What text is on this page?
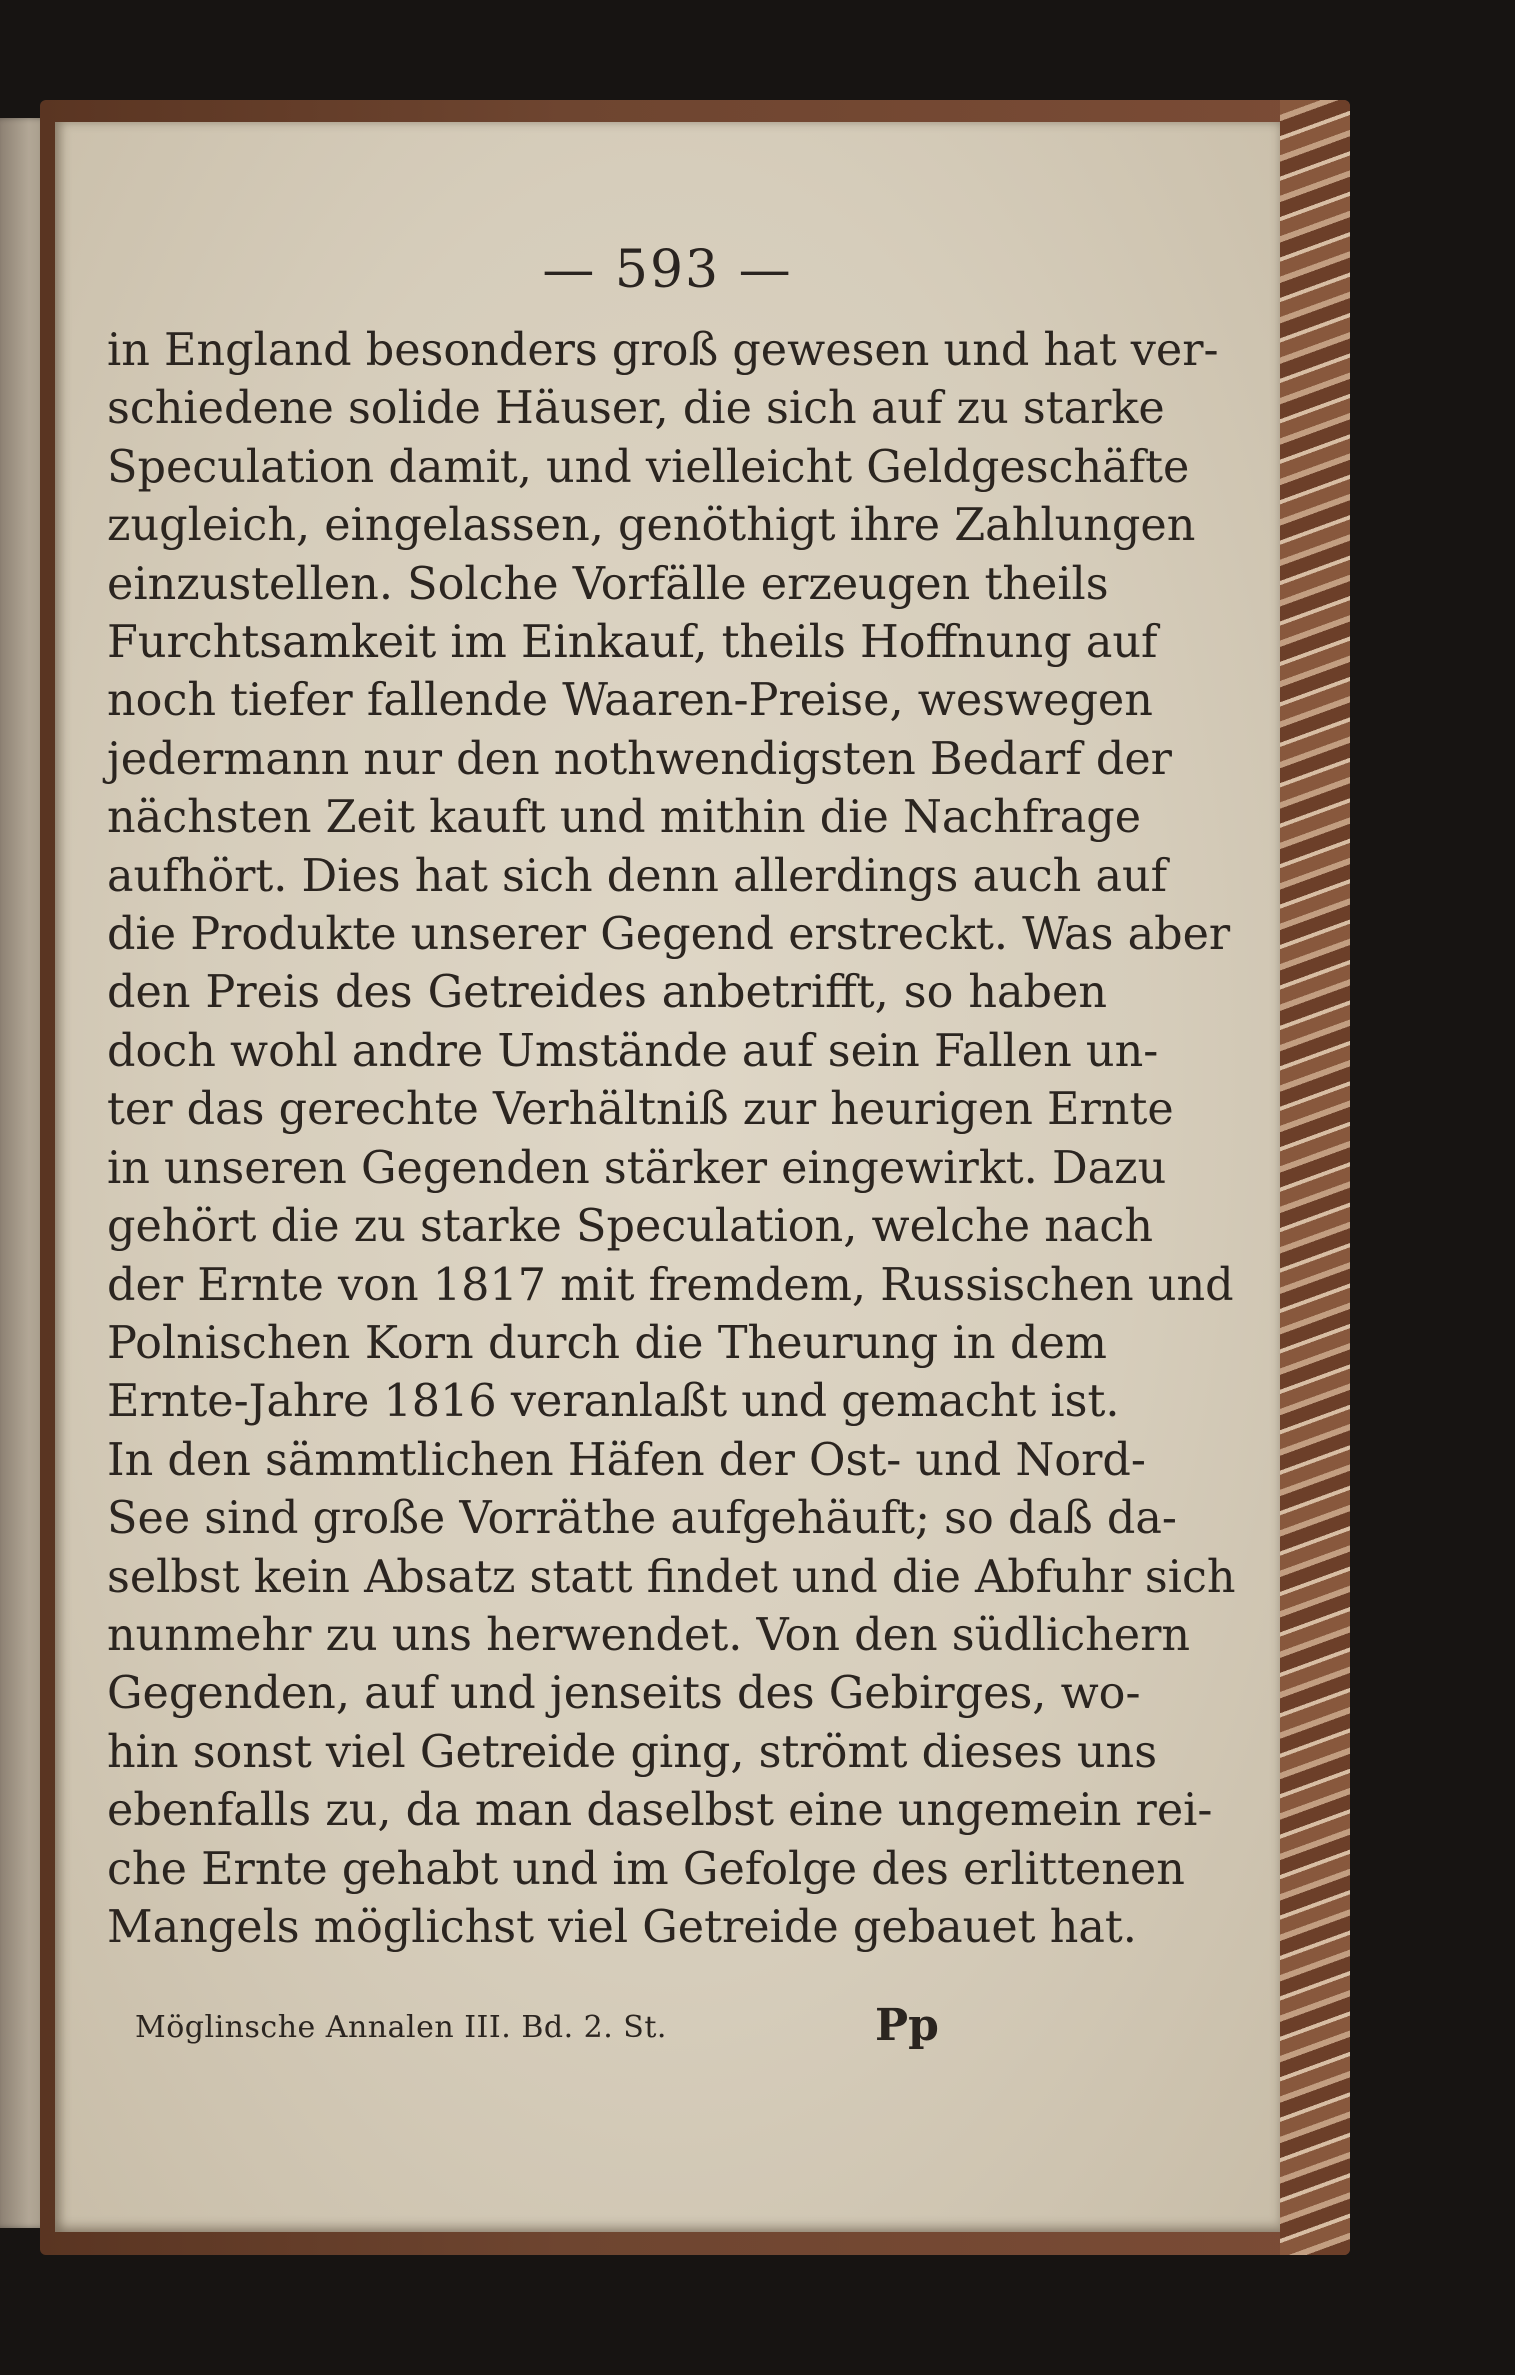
— 593 —
in England besonders groß gewesen und hat ver-
schiedene solide Häuser, die sich auf zu starke
Speculation damit, und vielleicht Geldgeschäfte
zugleich, eingelassen, genöthigt ihre Zahlungen
einzustellen. Solche Vorfälle erzeugen theils
Furchtsamkeit im Einkauf, theils Hoffnung auf
noch tiefer fallende Waaren-Preise, weswegen
jedermann nur den nothwendigsten Bedarf der
nächsten Zeit kauft und mithin die Nachfrage
aufhört. Dies hat sich denn allerdings auch auf
die Produkte unserer Gegend erstreckt. Was aber
den Preis des Getreides anbetrifft, so haben
doch wohl andre Umstände auf sein Fallen un-
ter das gerechte Verhältniß zur heurigen Ernte
in unseren Gegenden stärker eingewirkt. Dazu
gehört die zu starke Speculation, welche nach
der Ernte von 1817 mit fremdem, Russischen und
Polnischen Korn durch die Theurung in dem
Ernte-Jahre 1816 veranlaßt und gemacht ist.
In den sämmtlichen Häfen der Ost- und Nord-
See sind große Vorräthe aufgehäuft; so daß da-
selbst kein Absatz statt findet und die Abfuhr sich
nunmehr zu uns herwendet. Von den südlichern
Gegenden, auf und jenseits des Gebirges, wo-
hin sonst viel Getreide ging, strömt dieses uns
ebenfalls zu, da man daselbst eine ungemein rei-
che Ernte gehabt und im Gefolge des erlittenen
Mangels möglichst viel Getreide gebauet hat.
Möglinsche Annalen III. Bd. 2. St.	Pp
